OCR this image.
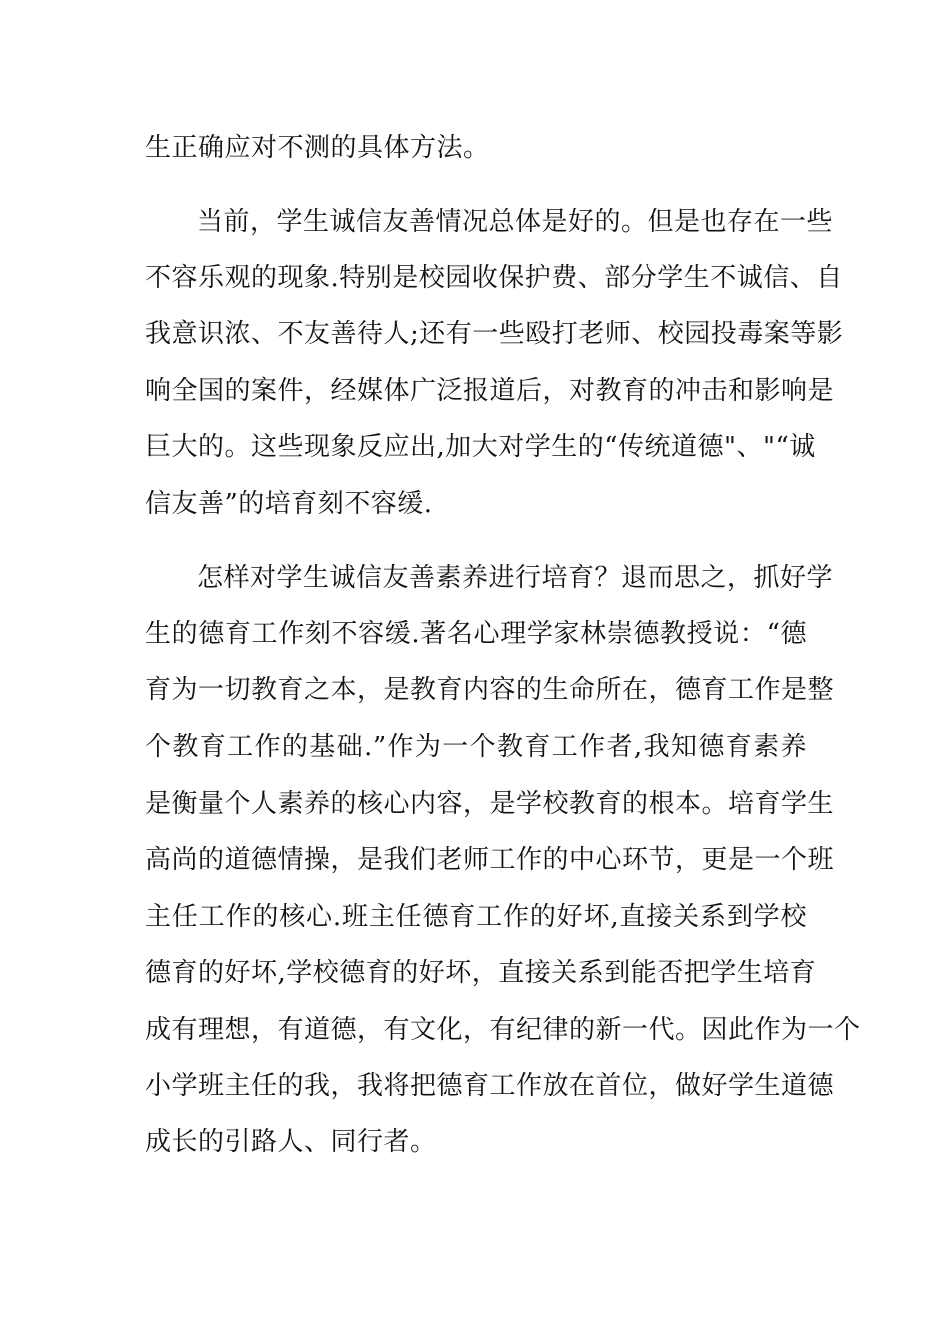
生正确应对不测的具体方法。
当前，学生诚信友善情况总体是好的。但是也存在一些
不容乐观的现象.特别是校园收保护费、部分学生不诚信、自
我意识浓、不友善待人;还有一些殴打老师、校园投毒案等影
响全国的案件，经媒体广泛报道后，对教育的冲击和影响是
巨大的。这些现象反应出,加大对学生的“传统道德"、"“诚
信友善”的培育刻不容缓.
怎样对学生诚信友善素养进行培育？退而思之，抓好学
生的德育工作刻不容缓.著名心理学家林崇德教授说：“德
育为一切教育之本，是教育内容的生命所在，德育工作是整
个教育工作的基础.”作为一个教育工作者,我知德育素养
是衡量个人素养的核心内容，是学校教育的根本。培育学生
高尚的道德情操，是我们老师工作的中心环节，更是一个班
主任工作的核心.班主任德育工作的好坏,直接关系到学校
德育的好坏,学校德育的好坏，直接关系到能否把学生培育
成有理想，有道德，有文化，有纪律的新一代。因此作为一个
小学班主任的我，我将把德育工作放在首位，做好学生道德
成长的引路人、同行者。
